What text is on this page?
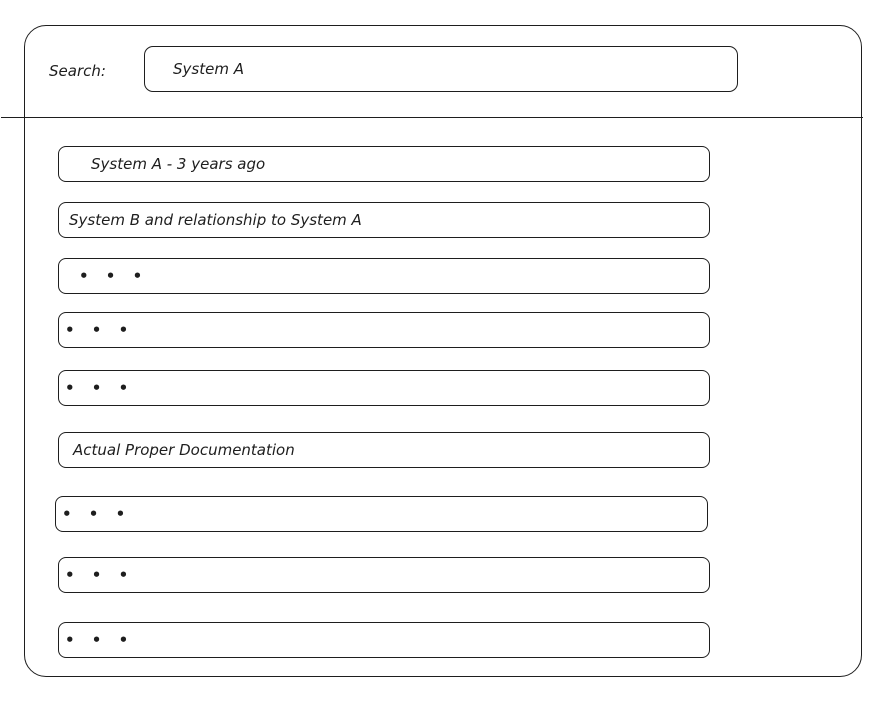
Search:
System A
System A - 3 years ago
System B and relationship to System A
• • •
• • •
• • •
Actual Proper Documentation
• • •
• • •
• • •
